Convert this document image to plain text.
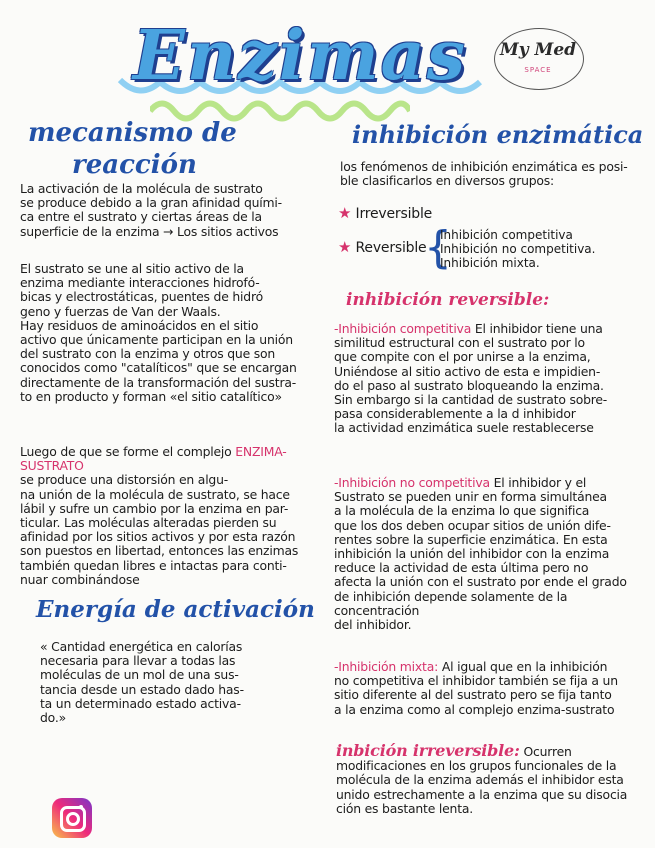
Enzimas	My Med
SPACE
mecanismo de
reacción
La activación de la molécula de sustrato
se produce debido a la gran afinidad quími-
ca entre el sustrato y ciertas áreas de la
superficie de la enzima → Los sitios activos
El sustrato se une al sitio activo de la
enzima mediante interacciones hidrofó-
bicas y electrostáticas, puentes de hidró
geno y fuerzas de Van der Waals.
Hay residuos de aminoácidos en el sitio
activo que únicamente participan en la unión
del sustrato con la enzima y otros que son
conocidos como "catalíticos" que se encargan
directamente de la transformación del sustra-
to en producto y forman «el sitio catalítico»
Luego de que se forme el complejo ENZIMA-SUSTRATO
se produce una distorsión en algu-
na unión de la molécula de sustrato, se hace
lábil y sufre un cambio por la enzima en par-
ticular. Las moléculas alteradas pierden su
afinidad por los sitios activos y por esta razón
son puestos en libertad, entonces las enzimas
también quedan libres e intactas para conti-
nuar combinándose
Energía de activación
« Cantidad energética en calorías
necesaria para llevar a todas las
moléculas de un mol de una sus-
tancia desde un estado dado has-
ta un determinado estado activa-
do.»
inhibición enzimática
los fenómenos de inhibición enzimática es posi-
ble clasificarlos en diversos grupos:
★ Irreversible
★ Reversible
{
Inhibición competitiva
Inhibición no competitiva.
Inhibición mixta.
inhibición reversible:
-Inhibición competitiva El inhibidor tiene una
similitud estructural con el sustrato por lo
que compite con el por unirse a la enzima,
Uniéndose al sitio activo de esta e impidien-
do el paso al sustrato bloqueando la enzima.
Sin embargo si la cantidad de sustrato sobre-
pasa considerablemente a la d inhibidor
la actividad enzimática suele restablecerse
-Inhibición no competitiva El inhibidor y el
Sustrato se pueden unir en forma simultánea
a la molécula de la enzima lo que significa
que los dos deben ocupar sitios de unión dife-
rentes sobre la superficie enzimática. En esta
inhibición la unión del inhibidor con la enzima
reduce la actividad de esta última pero no
afecta la unión con el sustrato por ende el grado
de inhibición depende solamente de la concentración
del inhibidor.
-Inhibición mixta: Al igual que en la inhibición
no competitiva el inhibidor también se fija a un
sitio diferente al del sustrato pero se fija tanto
a la enzima como al complejo enzima-sustrato
inbición irreversible: Ocurren
modificaciones en los grupos funcionales de la
molécula de la enzima además el inhibidor esta
unido estrechamente a la enzima que su disocia
ción es bastante lenta.
